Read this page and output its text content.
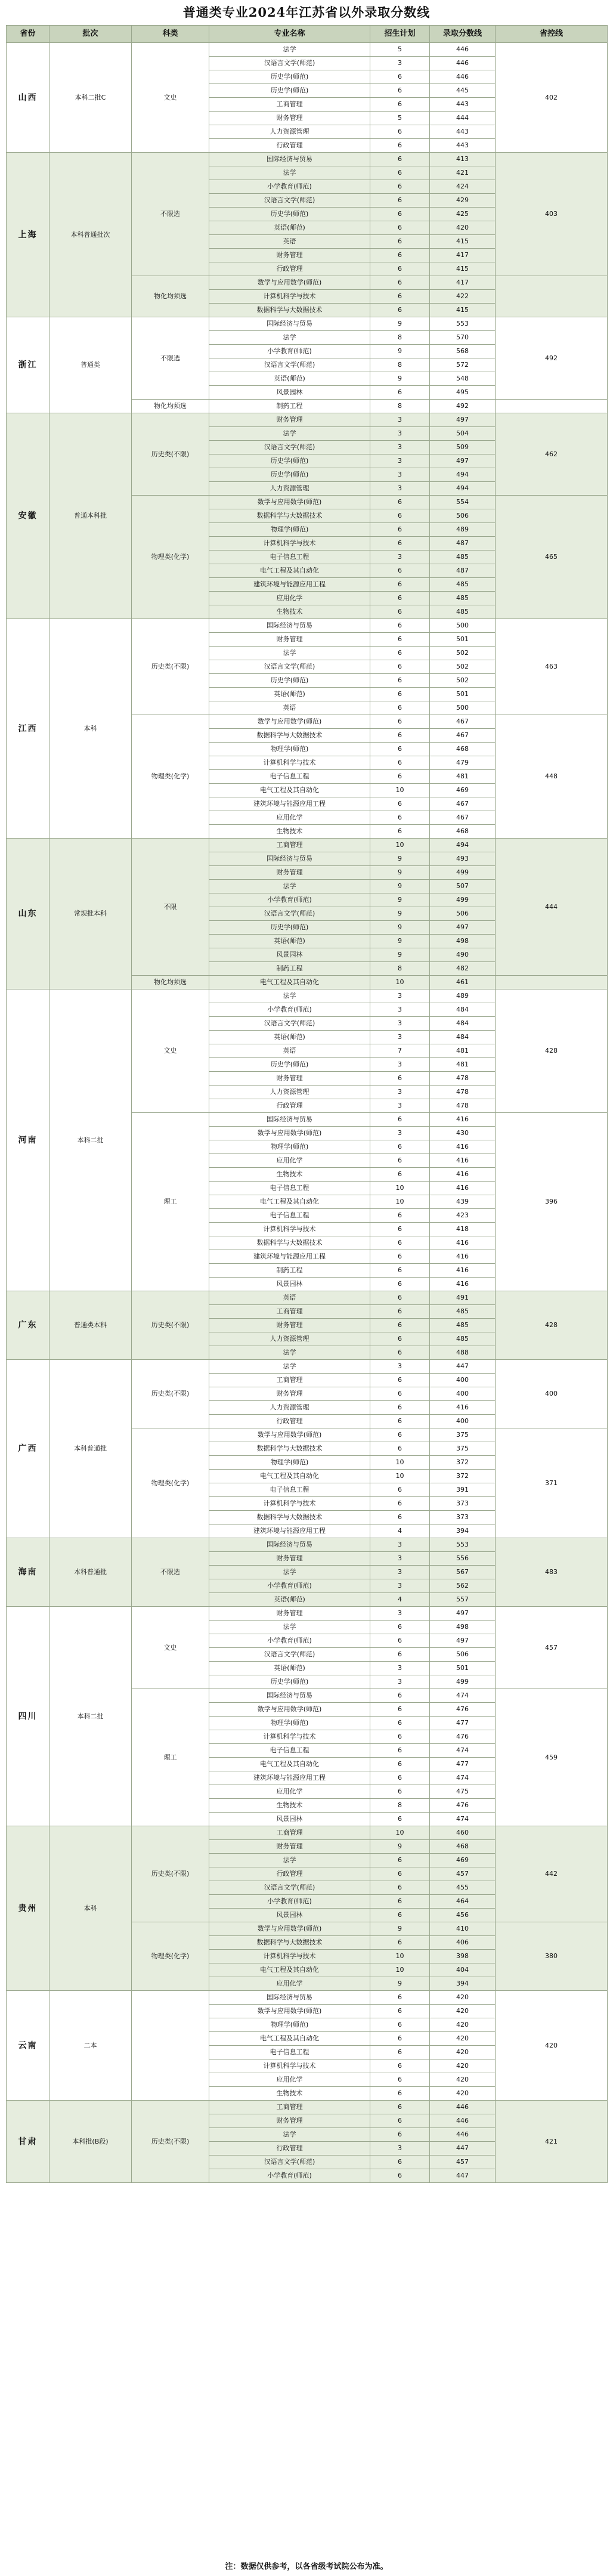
普通类专业2024年江苏省以外录取分数线
省份	批次	科类	专业名称	招生计划	录取分数线	省控线
山西	本科二批C	文史	法学	5	446	402
			汉语言文学(师范)	3	446	
			历史学(师范)	6	446	
			历史学(师范)	6	445	
			工商管理	6	443	
			财务管理	5	444	
			人力资源管理	6	443	
			行政管理	6	443	
上海	本科普通批次	不限选	国际经济与贸易	6	413	403
			法学	6	421	
			小学教育(师范)	6	424	
			汉语言文学(师范)	6	429	
			历史学(师范)	6	425	
			英语(师范)	6	420	
			英语	6	415	
			财务管理	6	417	
			行政管理	6	415	
		物化均须选	数学与应用数学(师范)	6	417	
			计算机科学与技术	6	422	
			数据科学与大数据技术	6	415	
浙江	普通类	不限选	国际经济与贸易	9	553	492
			法学	8	570	
			小学教育(师范)	9	568	
			汉语言文学(师范)	8	572	
			英语(师范)	9	548	
			风景园林	6	495	
		物化均须选	制药工程	8	492	
安徽	普通本科批	历史类(不限)	财务管理	3	497	462
			法学	3	504	
			汉语言文学(师范)	3	509	
			历史学(师范)	3	497	
			历史学(师范)	3	494	
			人力资源管理	3	494	
		物理类(化学)	数学与应用数学(师范)	6	554	465
			数据科学与大数据技术	6	506	
			物理学(师范)	6	489	
			计算机科学与技术	6	487	
			电子信息工程	3	485	
			电气工程及其自动化	6	487	
			建筑环境与能源应用工程	6	485	
			应用化学	6	485	
			生物技术	6	485	
江西	本科	历史类(不限)	国际经济与贸易	6	500	463
			财务管理	6	501	
			法学	6	502	
			汉语言文学(师范)	6	502	
			历史学(师范)	6	502	
			英语(师范)	6	501	
			英语	6	500	
		物理类(化学)	数学与应用数学(师范)	6	467	448
			数据科学与大数据技术	6	467	
			物理学(师范)	6	468	
			计算机科学与技术	6	479	
			电子信息工程	6	481	
			电气工程及其自动化	10	469	
			建筑环境与能源应用工程	6	467	
			应用化学	6	467	
			生物技术	6	468	
山东	常规批本科	不限	工商管理	10	494	444
			国际经济与贸易	9	493	
			财务管理	9	499	
			法学	9	507	
			小学教育(师范)	9	499	
			汉语言文学(师范)	9	506	
			历史学(师范)	9	497	
			英语(师范)	9	498	
			风景园林	9	490	
			制药工程	8	482	
		物化均须选	电气工程及其自动化	10	461	
河南	本科二批	文史	法学	3	489	428
			小学教育(师范)	3	484	
			汉语言文学(师范)	3	484	
			英语(师范)	3	484	
			英语	7	481	
			历史学(师范)	3	481	
			财务管理	6	478	
			人力资源管理	3	478	
			行政管理	3	478	
		理工	国际经济与贸易	6	416	396
			数学与应用数学(师范)	3	430	
			物理学(师范)	6	416	
			应用化学	6	416	
			生物技术	6	416	
			电子信息工程	10	416	
			电气工程及其自动化	10	439	
			电子信息工程	6	423	
			计算机科学与技术	6	418	
			数据科学与大数据技术	6	416	
			建筑环境与能源应用工程	6	416	
			制药工程	6	416	
			风景园林	6	416	
广东	普通类本科	历史类(不限)	英语	6	491	428
			工商管理	6	485	
			财务管理	6	485	
			人力资源管理	6	485	
			法学	6	488	
广西	本科普通批	历史类(不限)	法学	3	447	400
			工商管理	6	400	
			财务管理	6	400	
			人力资源管理	6	416	
			行政管理	6	400	
		物理类(化学)	数学与应用数学(师范)	6	375	371
			数据科学与大数据技术	6	375	
			物理学(师范)	10	372	
			电气工程及其自动化	10	372	
			电子信息工程	6	391	
			计算机科学与技术	6	373	
			数据科学与大数据技术	6	373	
			建筑环境与能源应用工程	4	394	
海南	本科普通批	不限选	国际经济与贸易	3	553	483
			财务管理	3	556	
			法学	3	567	
			小学教育(师范)	3	562	
			英语(师范)	4	557	
四川	本科二批	文史	财务管理	3	497	457
			法学	6	498	
			小学教育(师范)	6	497	
			汉语言文学(师范)	6	506	
			英语(师范)	3	501	
			历史学(师范)	3	499	
		理工	国际经济与贸易	6	474	459
			数学与应用数学(师范)	6	476	
			物理学(师范)	6	477	
			计算机科学与技术	6	476	
			电子信息工程	6	474	
			电气工程及其自动化	6	477	
			建筑环境与能源应用工程	6	474	
			应用化学	6	475	
			生物技术	8	476	
			风景园林	6	474	
贵州	本科	历史类(不限)	工商管理	10	460	442
			财务管理	9	468	
			法学	6	469	
			行政管理	6	457	
			汉语言文学(师范)	6	455	
			小学教育(师范)	6	464	
			风景园林	6	456	
		物理类(化学)	数学与应用数学(师范)	9	410	380
			数据科学与大数据技术	6	406	
			计算机科学与技术	10	398	
			电气工程及其自动化	10	404	
			应用化学	9	394	
云南	二本		国际经济与贸易	6	420	420
			数学与应用数学(师范)	6	420	
			物理学(师范)	6	420	
			电气工程及其自动化	6	420	
			电子信息工程	6	420	
			计算机科学与技术	6	420	
			应用化学	6	420	
			生物技术	6	420	
甘肃	本科批(B段)	历史类(不限)	工商管理	6	446	421
			财务管理	6	446	
			法学	6	446	
			行政管理	3	447	
			汉语言文学(师范)	6	457	
			小学教育(师范)	6	447	
注：数据仅供参考，以各省级考试院公布为准。
